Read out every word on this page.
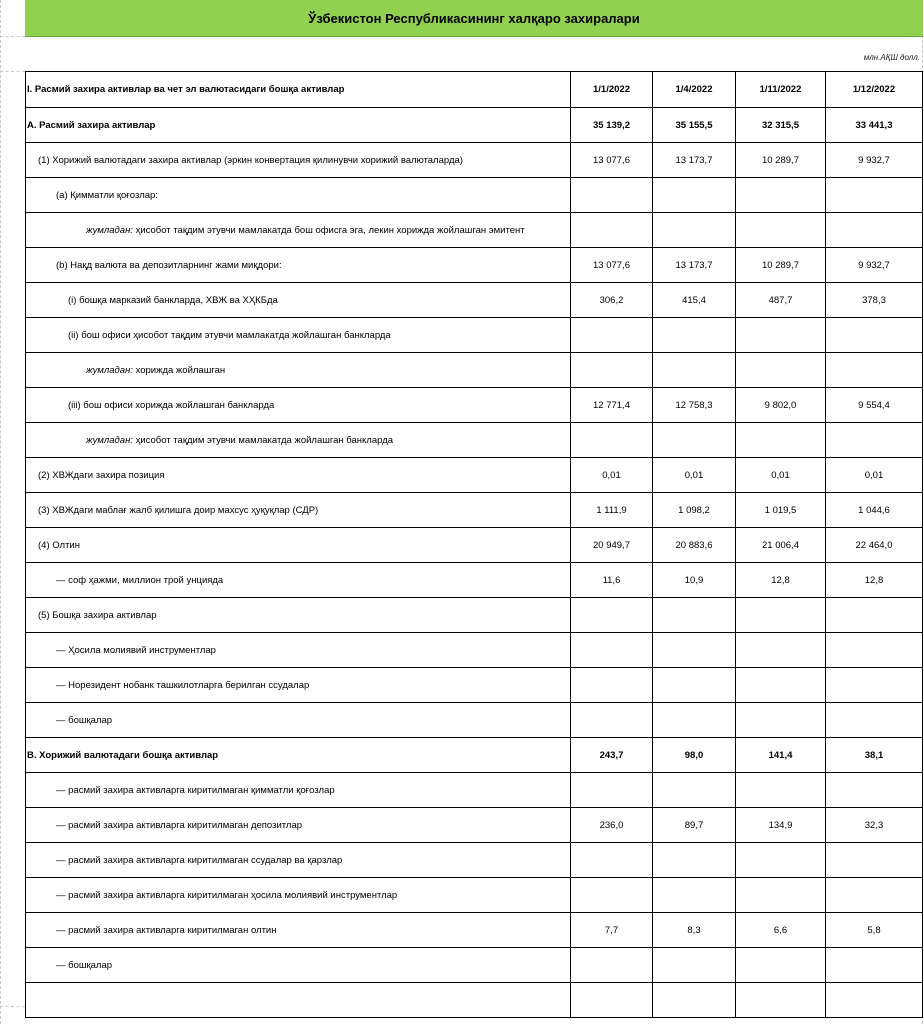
Ўзбекистон Республикасининг халқаро захиралари
млн.АҚШ долл.
I. Расмий захира активлар ва чет эл валютасидаги бошқа активлар	1/1/2022	1/4/2022	1/11/2022	1/12/2022
А. Расмий захира активлар	35 139,2	35 155,5	32 315,5	33 441,3
(1) Хорижий валютадаги захира активлар (эркин конвертация қилинувчи хорижий валюталарда)	13 077,6	13 173,7	10 289,7	9 932,7
(а) Қимматли қоғозлар:				
жумладан: ҳисобот тақдим этувчи мамлакатда бош офисга эга, лекин хорижда жойлашган эмитент				
(b) Нақд валюта ва депозитларнинг жами миқдори:	13 077,6	13 173,7	10 289,7	9 932,7
(i) бошқа марказий банкларда, ХВЖ ва ХҲКБда	306,2	415,4	487,7	378,3
(ii) бош офиси ҳисобот тақдим этувчи мамлакатда жойлашган банкларда				
жумладан: хорижда жойлашган				
(iii) бош офиси хорижда жойлашган банкларда	12 771,4	12 758,3	9 802,0	9 554,4
жумладан: ҳисобот тақдим этувчи мамлакатда жойлашган банкларда				
(2) ХВЖдаги захира позиция	0,01	0,01	0,01	0,01
(3) ХВЖдаги маблағ жалб қилишга доир махсус ҳуқуқлар (СДР)	1 111,9	1 098,2	1 019,5	1 044,6
(4) Олтин	20 949,7	20 883,6	21 006,4	22 464,0
— соф ҳажми, миллион трой унцияда	11,6	10,9	12,8	12,8
(5) Бошқа захира активлар				
— Ҳосила молиявий инструментлар				
— Норезидент нобанк ташкилотларга берилган ссудалар				
— бошқалар				
В. Хорижий валютадаги бошқа активлар	243,7	98,0	141,4	38,1
— расмий захира активларга киритилмаган қимматли қоғозлар				
— расмий захира активларга киритилмаган депозитлар	236,0	89,7	134,9	32,3
— расмий захира активларга киритилмаган ссудалар ва қарзлар				
— расмий захира активларга киритилмаган ҳосила молиявий инструментлар				
— расмий захира активларга киритилмаган олтин	7,7	8,3	6,6	5,8
— бошқалар				
